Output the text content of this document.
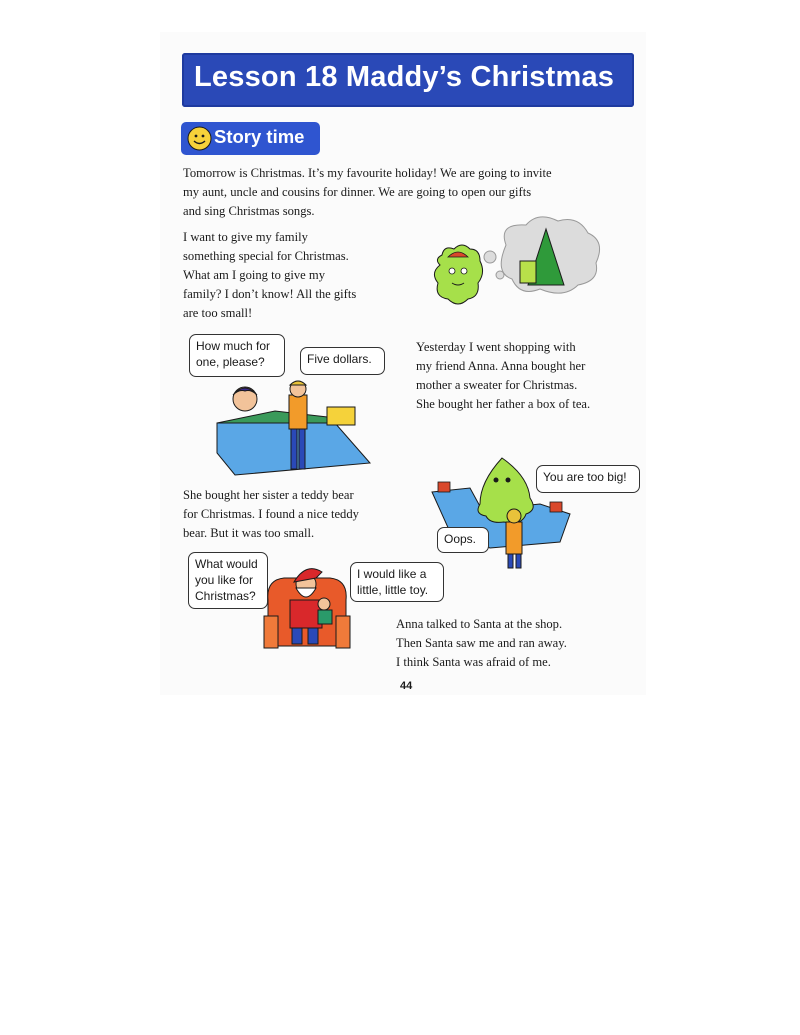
Lesson 18 Maddy’s Christmas
Story time
Tomorrow is Christmas. It’s my favourite holiday! We are going to invite
my aunt, uncle and cousins for dinner. We are going to open our gifts
and sing Christmas songs.
I want to give my family
something special for Christmas.
What am I going to give my
family? I don’t know! All the gifts
are too small!
Yesterday I went shopping with
my friend Anna. Anna bought her
mother a sweater for Christmas.
She bought her father a box of tea.
How much for
one, please?	Five dollars.
You are too big!
Oops.
She bought her sister a teddy bear
for Christmas. I found a nice teddy
bear. But it was too small.
What would
you like for
Christmas?
I would like a
little, little toy.
Anna talked to Santa at the shop.
Then Santa saw me and ran away.
I think Santa was afraid of me.
44
